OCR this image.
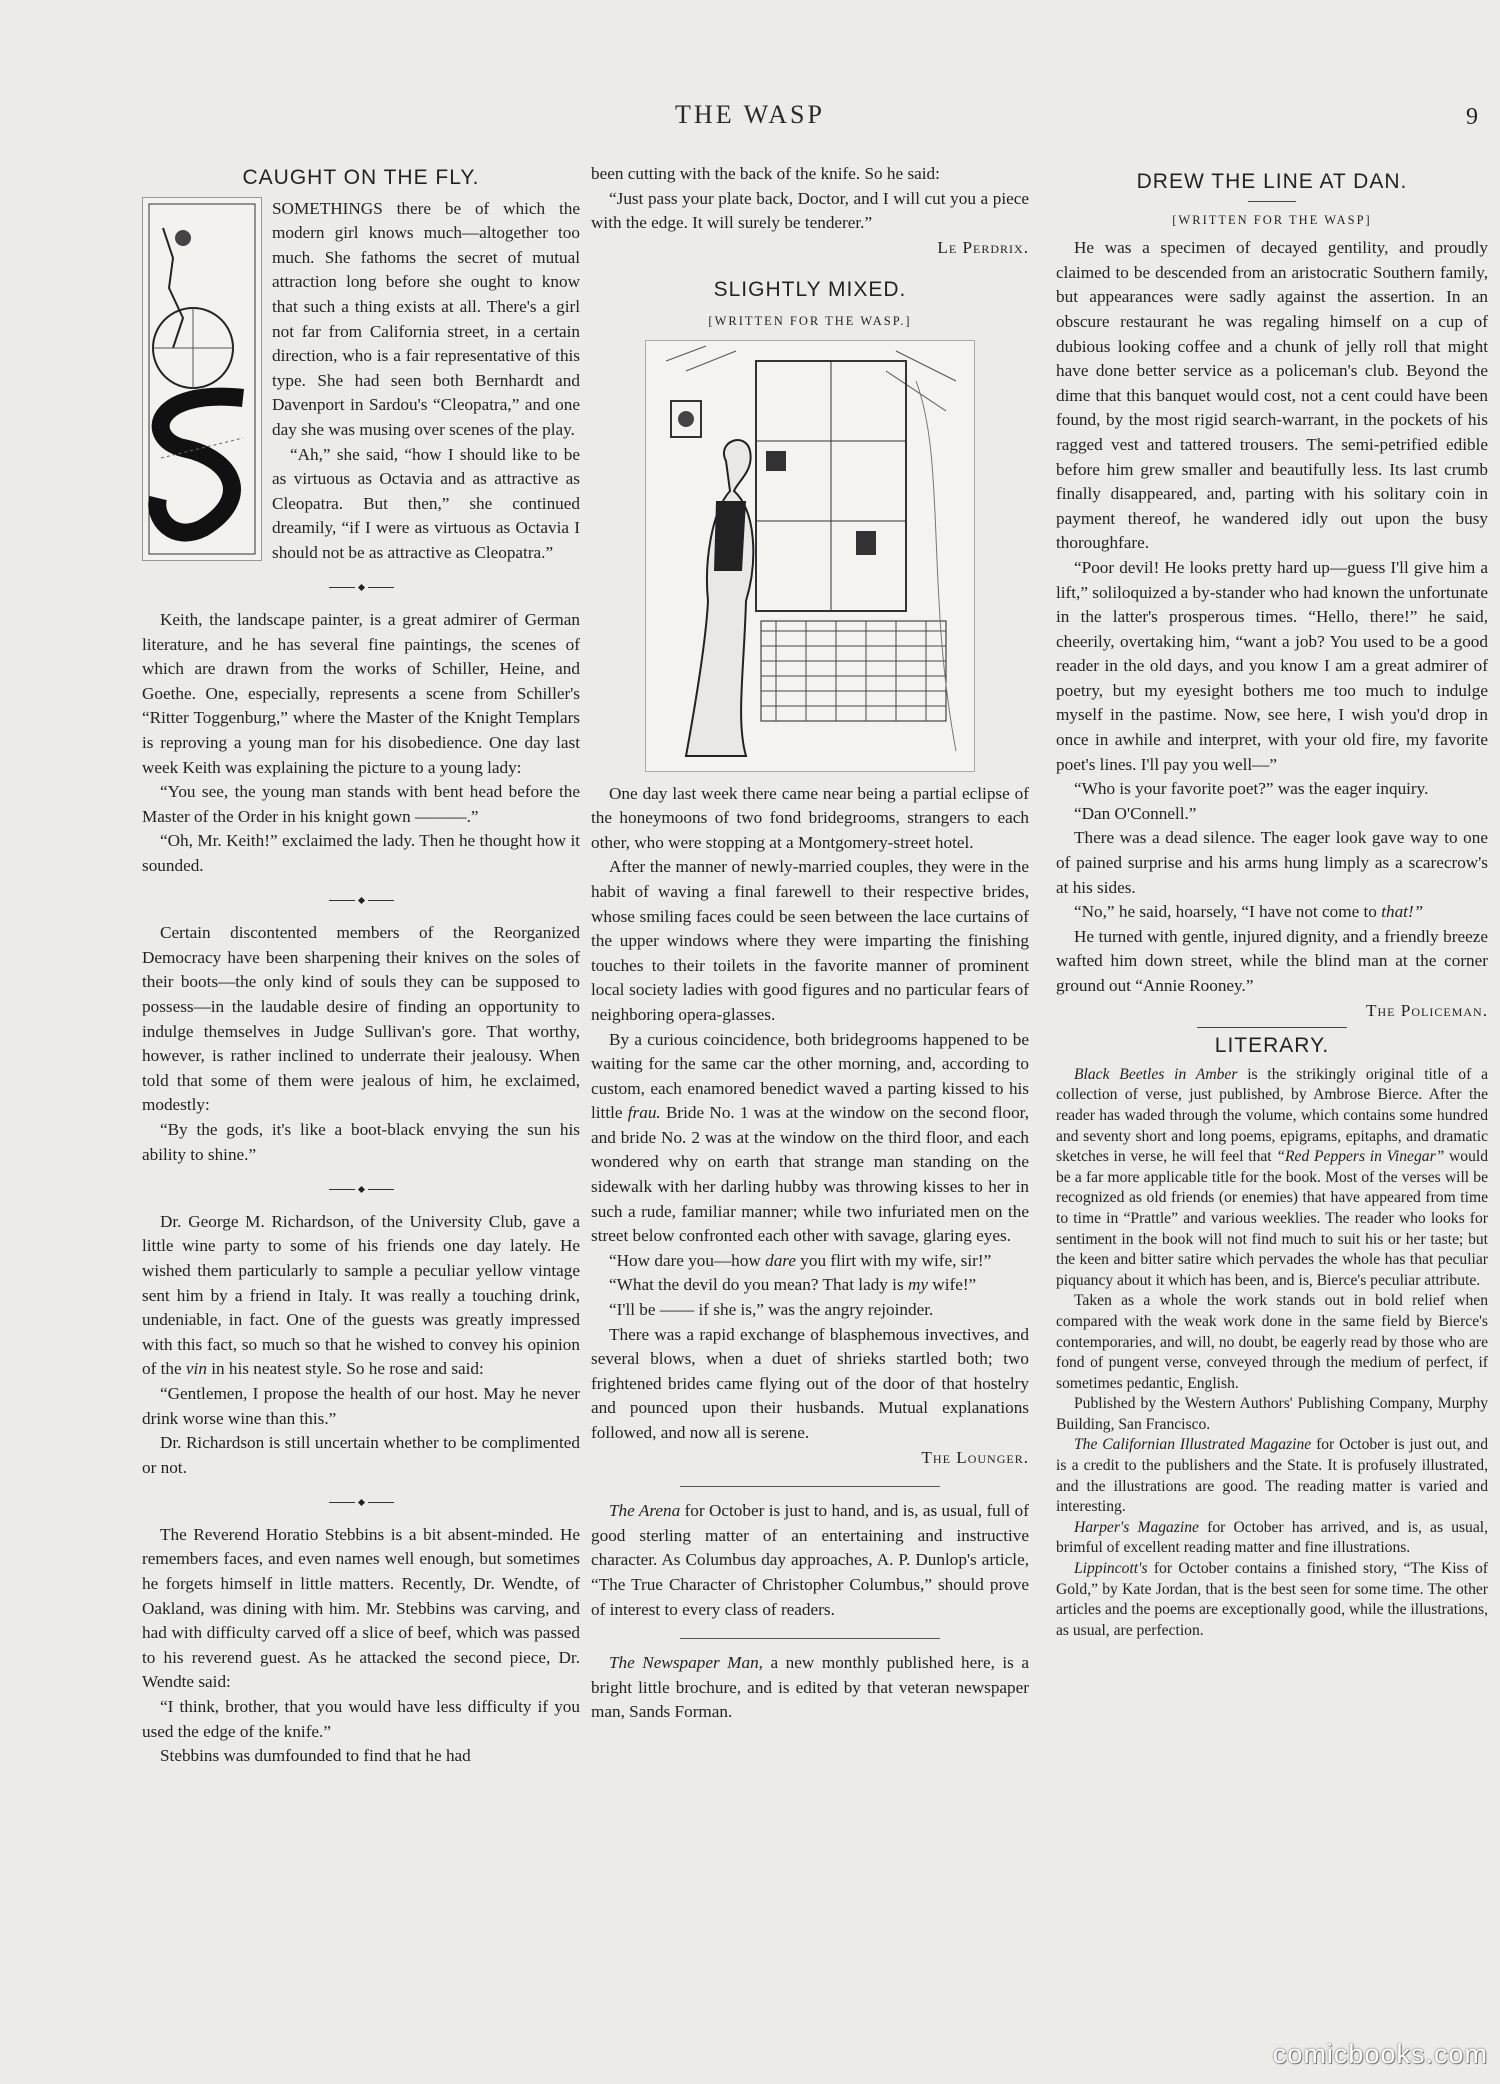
THE WASP	9
CAUGHT ON THE FLY.

SOMETHINGS there be of which the modern girl knows much—altogether too much. She fathoms the secret of mutual attraction long before she ought to know that such a thing exists at all. There's a girl not far from California street, in a certain direction, who is a fair representative of this type. She had seen both Bernhardt and Davenport in Sardou's “Cleopatra,” and one day she was musing over scenes of the play.

“Ah,” she said, “how I should like to be as virtuous as Octavia and as attractive as Cleopatra. But then,” she continued dreamily, “if I were as virtuous as Octavia I should not be as attractive as Cleopatra.”

Keith, the landscape painter, is a great admirer of German literature, and he has several fine paintings, the scenes of which are drawn from the works of Schiller, Heine, and Goethe. One, especially, represents a scene from Schiller's “Ritter Toggenburg,” where the Master of the Knight Templars is reproving a young man for his disobedience. One day last week Keith was explaining the picture to a young lady:

“You see, the young man stands with bent head before the Master of the Order in his knight gown ———.”

“Oh, Mr. Keith!” exclaimed the lady. Then he thought how it sounded.

Certain discontented members of the Reorganized Democracy have been sharpening their knives on the soles of their boots—the only kind of souls they can be supposed to possess—in the laudable desire of finding an opportunity to indulge themselves in Judge Sullivan's gore. That worthy, however, is rather inclined to underrate their jealousy. When told that some of them were jealous of him, he exclaimed, modestly:

“By the gods, it's like a boot-black envying the sun his ability to shine.”

Dr. George M. Richardson, of the University Club, gave a little wine party to some of his friends one day lately. He wished them particularly to sample a peculiar yellow vintage sent him by a friend in Italy. It was really a touching drink, undeniable, in fact. One of the guests was greatly impressed with this fact, so much so that he wished to convey his opinion of the vin in his neatest style. So he rose and said:

“Gentlemen, I propose the health of our host. May he never drink worse wine than this.”

Dr. Richardson is still uncertain whether to be complimented or not.

The Reverend Horatio Stebbins is a bit absent-minded. He remembers faces, and even names well enough, but sometimes he forgets himself in little matters. Recently, Dr. Wendte, of Oakland, was dining with him. Mr. Stebbins was carving, and had with difficulty carved off a slice of beef, which was passed to his reverend guest. As he attacked the second piece, Dr. Wendte said:

“I think, brother, that you would have less difficulty if you used the edge of the knife.”

Stebbins was dumfounded to find that he had

been cutting with the back of the knife. So he said:

“Just pass your plate back, Doctor, and I will cut you a piece with the edge. It will surely be tenderer.”

Le Perdrix.
SLIGHTLY MIXED.
[WRITTEN FOR THE WASP.]

One day last week there came near being a partial eclipse of the honeymoons of two fond bridegrooms, strangers to each other, who were stopping at a Montgomery-street hotel.

After the manner of newly-married couples, they were in the habit of waving a final farewell to their respective brides, whose smiling faces could be seen between the lace curtains of the upper windows where they were imparting the finishing touches to their toilets in the favorite manner of prominent local society ladies with good figures and no particular fears of neighboring opera-glasses.

By a curious coincidence, both bridegrooms happened to be waiting for the same car the other morning, and, according to custom, each enamored benedict waved a parting kissed to his little frau. Bride No. 1 was at the window on the second floor, and bride No. 2 was at the window on the third floor, and each wondered why on earth that strange man standing on the sidewalk with her darling hubby was throwing kisses to her in such a rude, familiar manner; while two infuriated men on the street below confronted each other with savage, glaring eyes.

“How dare you—how dare you flirt with my wife, sir!”

“What the devil do you mean? That lady is my wife!”

“I'll be —— if she is,” was the angry rejoinder.

There was a rapid exchange of blasphemous invectives, and several blows, when a duet of shrieks startled both; two frightened brides came flying out of the door of that hostelry and pounced upon their husbands. Mutual explanations followed, and now all is serene.

The Lounger.

The Arena for October is just to hand, and is, as usual, full of good sterling matter of an entertaining and instructive character. As Columbus day approaches, A. P. Dunlop's article, “The True Character of Christopher Columbus,” should prove of interest to every class of readers.

The Newspaper Man, a new monthly published here, is a bright little brochure, and is edited by that veteran newspaper man, Sands Forman.

DREW THE LINE AT DAN.
[WRITTEN FOR THE WASP]

He was a specimen of decayed gentility, and proudly claimed to be descended from an aristocratic Southern family, but appearances were sadly against the assertion. In an obscure restaurant he was regaling himself on a cup of dubious looking coffee and a chunk of jelly roll that might have done better service as a policeman's club. Beyond the dime that this banquet would cost, not a cent could have been found, by the most rigid search-warrant, in the pockets of his ragged vest and tattered trousers. The semi-petrified edible before him grew smaller and beautifully less. Its last crumb finally disappeared, and, parting with his solitary coin in payment thereof, he wandered idly out upon the busy thoroughfare.

“Poor devil! He looks pretty hard up—guess I'll give him a lift,” soliloquized a by-stander who had known the unfortunate in the latter's prosperous times. “Hello, there!” he said, cheerily, overtaking him, “want a job? You used to be a good reader in the old days, and you know I am a great admirer of poetry, but my eyesight bothers me too much to indulge myself in the pastime. Now, see here, I wish you'd drop in once in awhile and interpret, with your old fire, my favorite poet's lines. I'll pay you well—”

“Who is your favorite poet?” was the eager inquiry.

“Dan O'Connell.”

There was a dead silence. The eager look gave way to one of pained surprise and his arms hung limply as a scarecrow's at his sides.

“No,” he said, hoarsely, “I have not come to that!”

He turned with gentle, injured dignity, and a friendly breeze wafted him down street, while the blind man at the corner ground out “Annie Rooney.”

The Policeman.
LITERARY.

Black Beetles in Amber is the strikingly original title of a collection of verse, just published, by Ambrose Bierce. After the reader has waded through the volume, which contains some hundred and seventy short and long poems, epigrams, epitaphs, and dramatic sketches in verse, he will feel that “Red Peppers in Vinegar” would be a far more applicable title for the book. Most of the verses will be recognized as old friends (or enemies) that have appeared from time to time in “Prattle” and various weeklies. The reader who looks for sentiment in the book will not find much to suit his or her taste; but the keen and bitter satire which pervades the whole has that peculiar piquancy about it which has been, and is, Bierce's peculiar attribute.

Taken as a whole the work stands out in bold relief when compared with the weak work done in the same field by Bierce's contemporaries, and will, no doubt, be eagerly read by those who are fond of pungent verse, conveyed through the medium of perfect, if sometimes pedantic, English.

Published by the Western Authors' Publishing Company, Murphy Building, San Francisco.

The Californian Illustrated Magazine for October is just out, and is a credit to the publishers and the State. It is profusely illustrated, and the illustrations are good. The reading matter is varied and interesting.

Harper's Magazine for October has arrived, and is, as usual, brimful of excellent reading matter and fine illustrations.

Lippincott's for October contains a finished story, “The Kiss of Gold,” by Kate Jordan, that is the best seen for some time. The other articles and the poems are exceptionally good, while the illustrations, as usual, are perfection.

comicbooks.com
